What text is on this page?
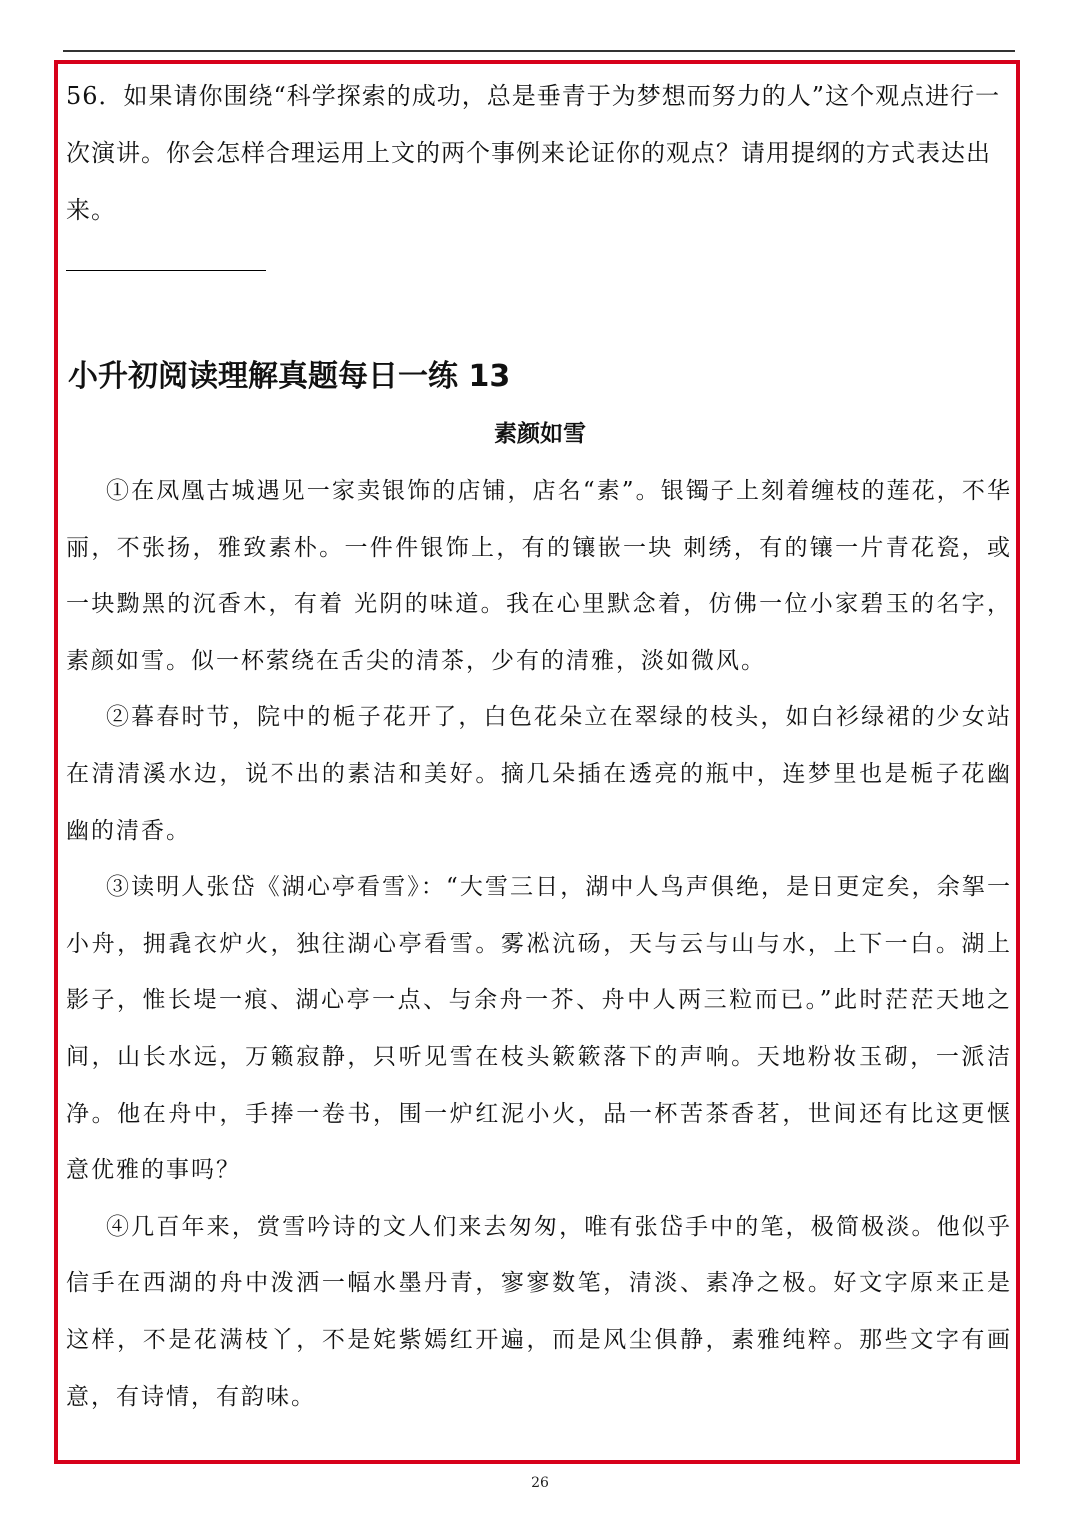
56．如果请你围绕“科学探索的成功，总是垂青于为梦想而努力的人”这个观点进行一次演讲。你会怎样合理运用上文的两个事例来论证你的观点？请用提纲的方式表达出来。

小升初阅读理解真题每日一练 13
素颜如雪

①在凤凰古城遇见一家卖银饰的店铺，店名“素”。银镯子上刻着缠枝的莲花，不华丽，不张扬，雅致素朴。一件件银饰上，有的镶嵌一块 刺绣，有的镶一片青花瓷，或一块黝黑的沉香木，有着 光阴的味道。我在心里默念着，仿佛一位小家碧玉的名字，素颜如雪。似一杯萦绕在舌尖的清茶，少有的清雅，淡如微风。

②暮春时节，院中的栀子花开了，白色花朵立在翠绿的枝头，如白衫绿裙的少女站在清清溪水边，说不出的素洁和美好。摘几朵插在透亮的瓶中，连梦里也是栀子花幽幽的清香。

③读明人张岱《湖心亭看雪》：“大雪三日，湖中人鸟声俱绝，是日更定矣，余挐一 小舟，拥毳衣炉火，独往湖心亭看雪。雾凇沆砀，天与云与山与水，上下一白。湖上影子，惟长堤一痕、湖心亭一点、与余舟一芥、舟中人两三粒而已。”此时茫茫天地之间，山长水远，万籁寂静，只听见雪在枝头簌簌落下的声响。天地粉妆玉砌，一派洁净。他在舟中，手捧一卷书，围一炉红泥小火，品一杯苦茶香茗，世间还有比这更惬意优雅的事吗？

④几百年来，赏雪吟诗的文人们来去匆匆，唯有张岱手中的笔，极简极淡。他似乎信手在西湖的舟中泼洒一幅水墨丹青，寥寥数笔，清淡、素净之极。好文字原来正是这样，不是花满枝丫，不是姹紫嫣红开遍，而是风尘俱静，素雅纯粹。那些文字有画意，有诗情，有韵味。

26
